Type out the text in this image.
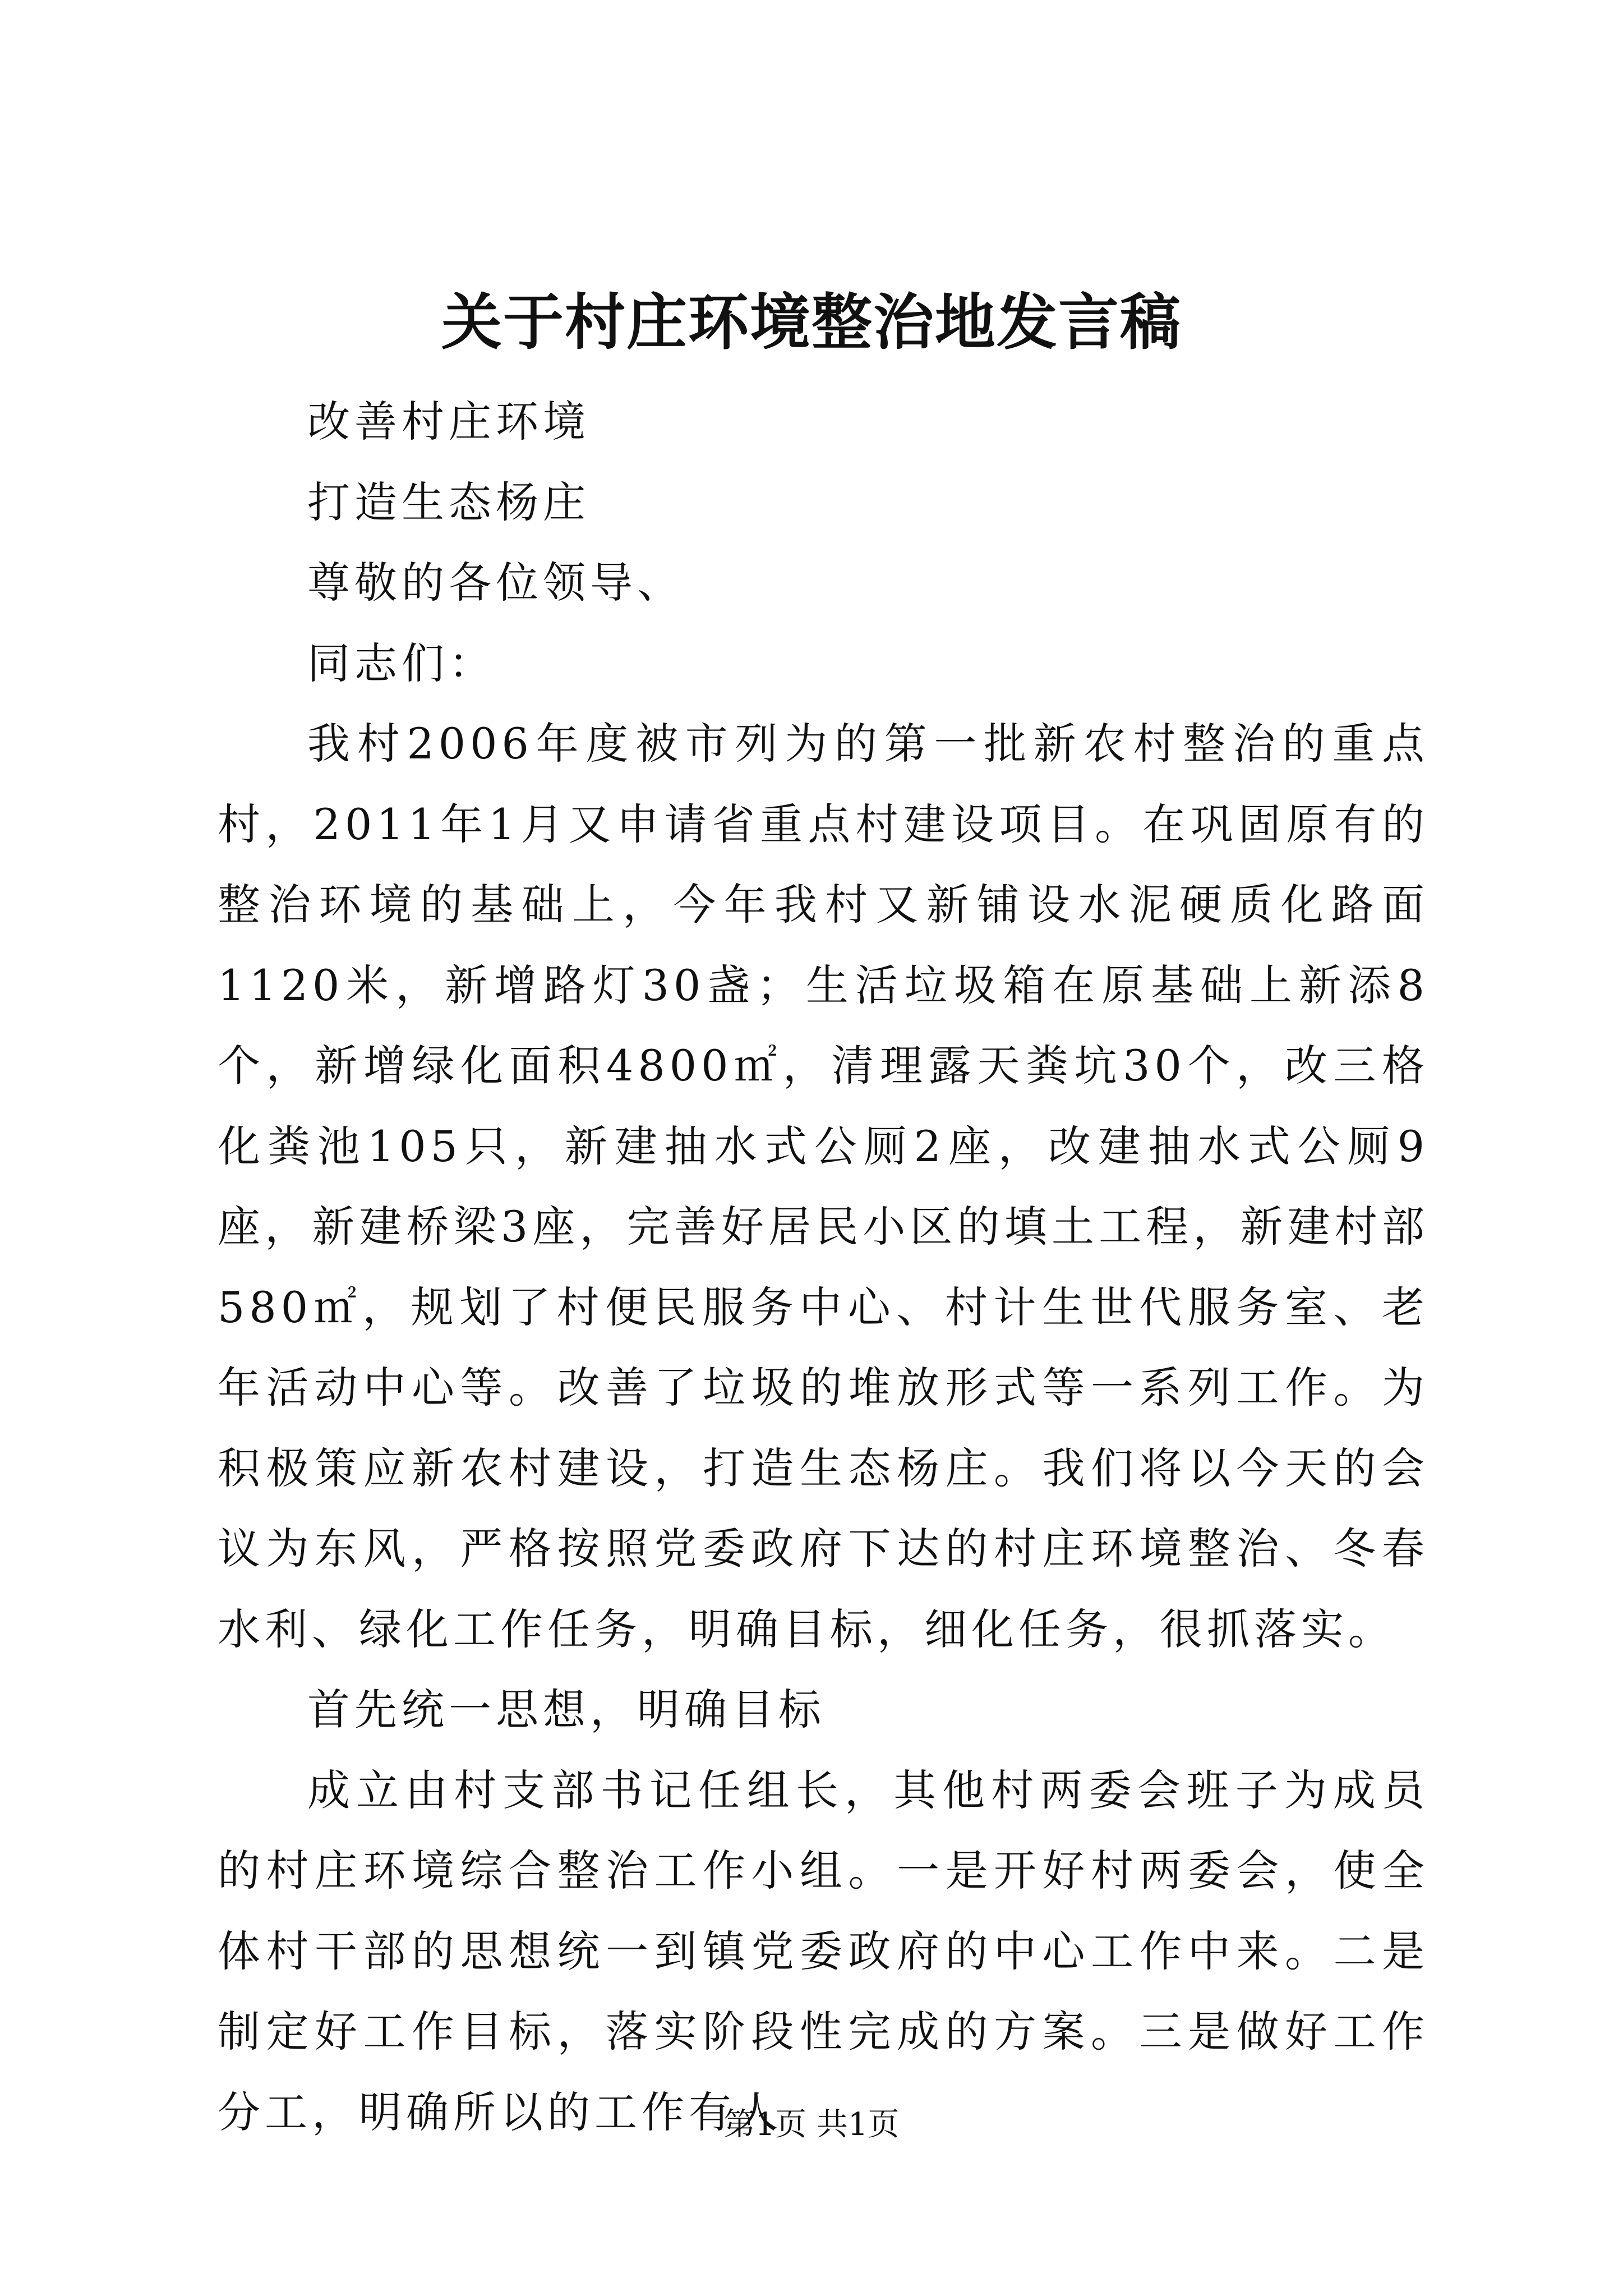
关于村庄环境整治地发言稿

改善村庄环境

打造生态杨庄

尊敬的各位领导、

同志们：

我村2006年度被市列为的第一批新农村整治的重点村，2011年1月又申请省重点村建设项目。在巩固原有的整治环境的基础上，今年我村又新铺设水泥硬质化路面1120米，新增路灯30盏；生活垃圾箱在原基础上新添8个，新增绿化面积4800㎡，清理露天粪坑30个，改三格化粪池105只，新建抽水式公厕2座，改建抽水式公厕9座，新建桥梁3座，完善好居民小区的填土工程，新建村部580㎡，规划了村便民服务中心、村计生世代服务室、老年活动中心等。改善了垃圾的堆放形式等一系列工作。为积极策应新农村建设，打造生态杨庄。我们将以今天的会议为东风，严格按照党委政府下达的村庄环境整治、冬春水利、绿化工作任务，明确目标，细化任务，很抓落实。

首先统一思想，明确目标

成立由村支部书记任组长，其他村两委会班子为成员的村庄环境综合整治工作小组。一是开好村两委会，使全体村干部的思想统一到镇党委政府的中心工作中来。二是制定好工作目标，落实阶段性完成的方案。三是做好工作分工，明确所以的工作有人

第1页 共1页
